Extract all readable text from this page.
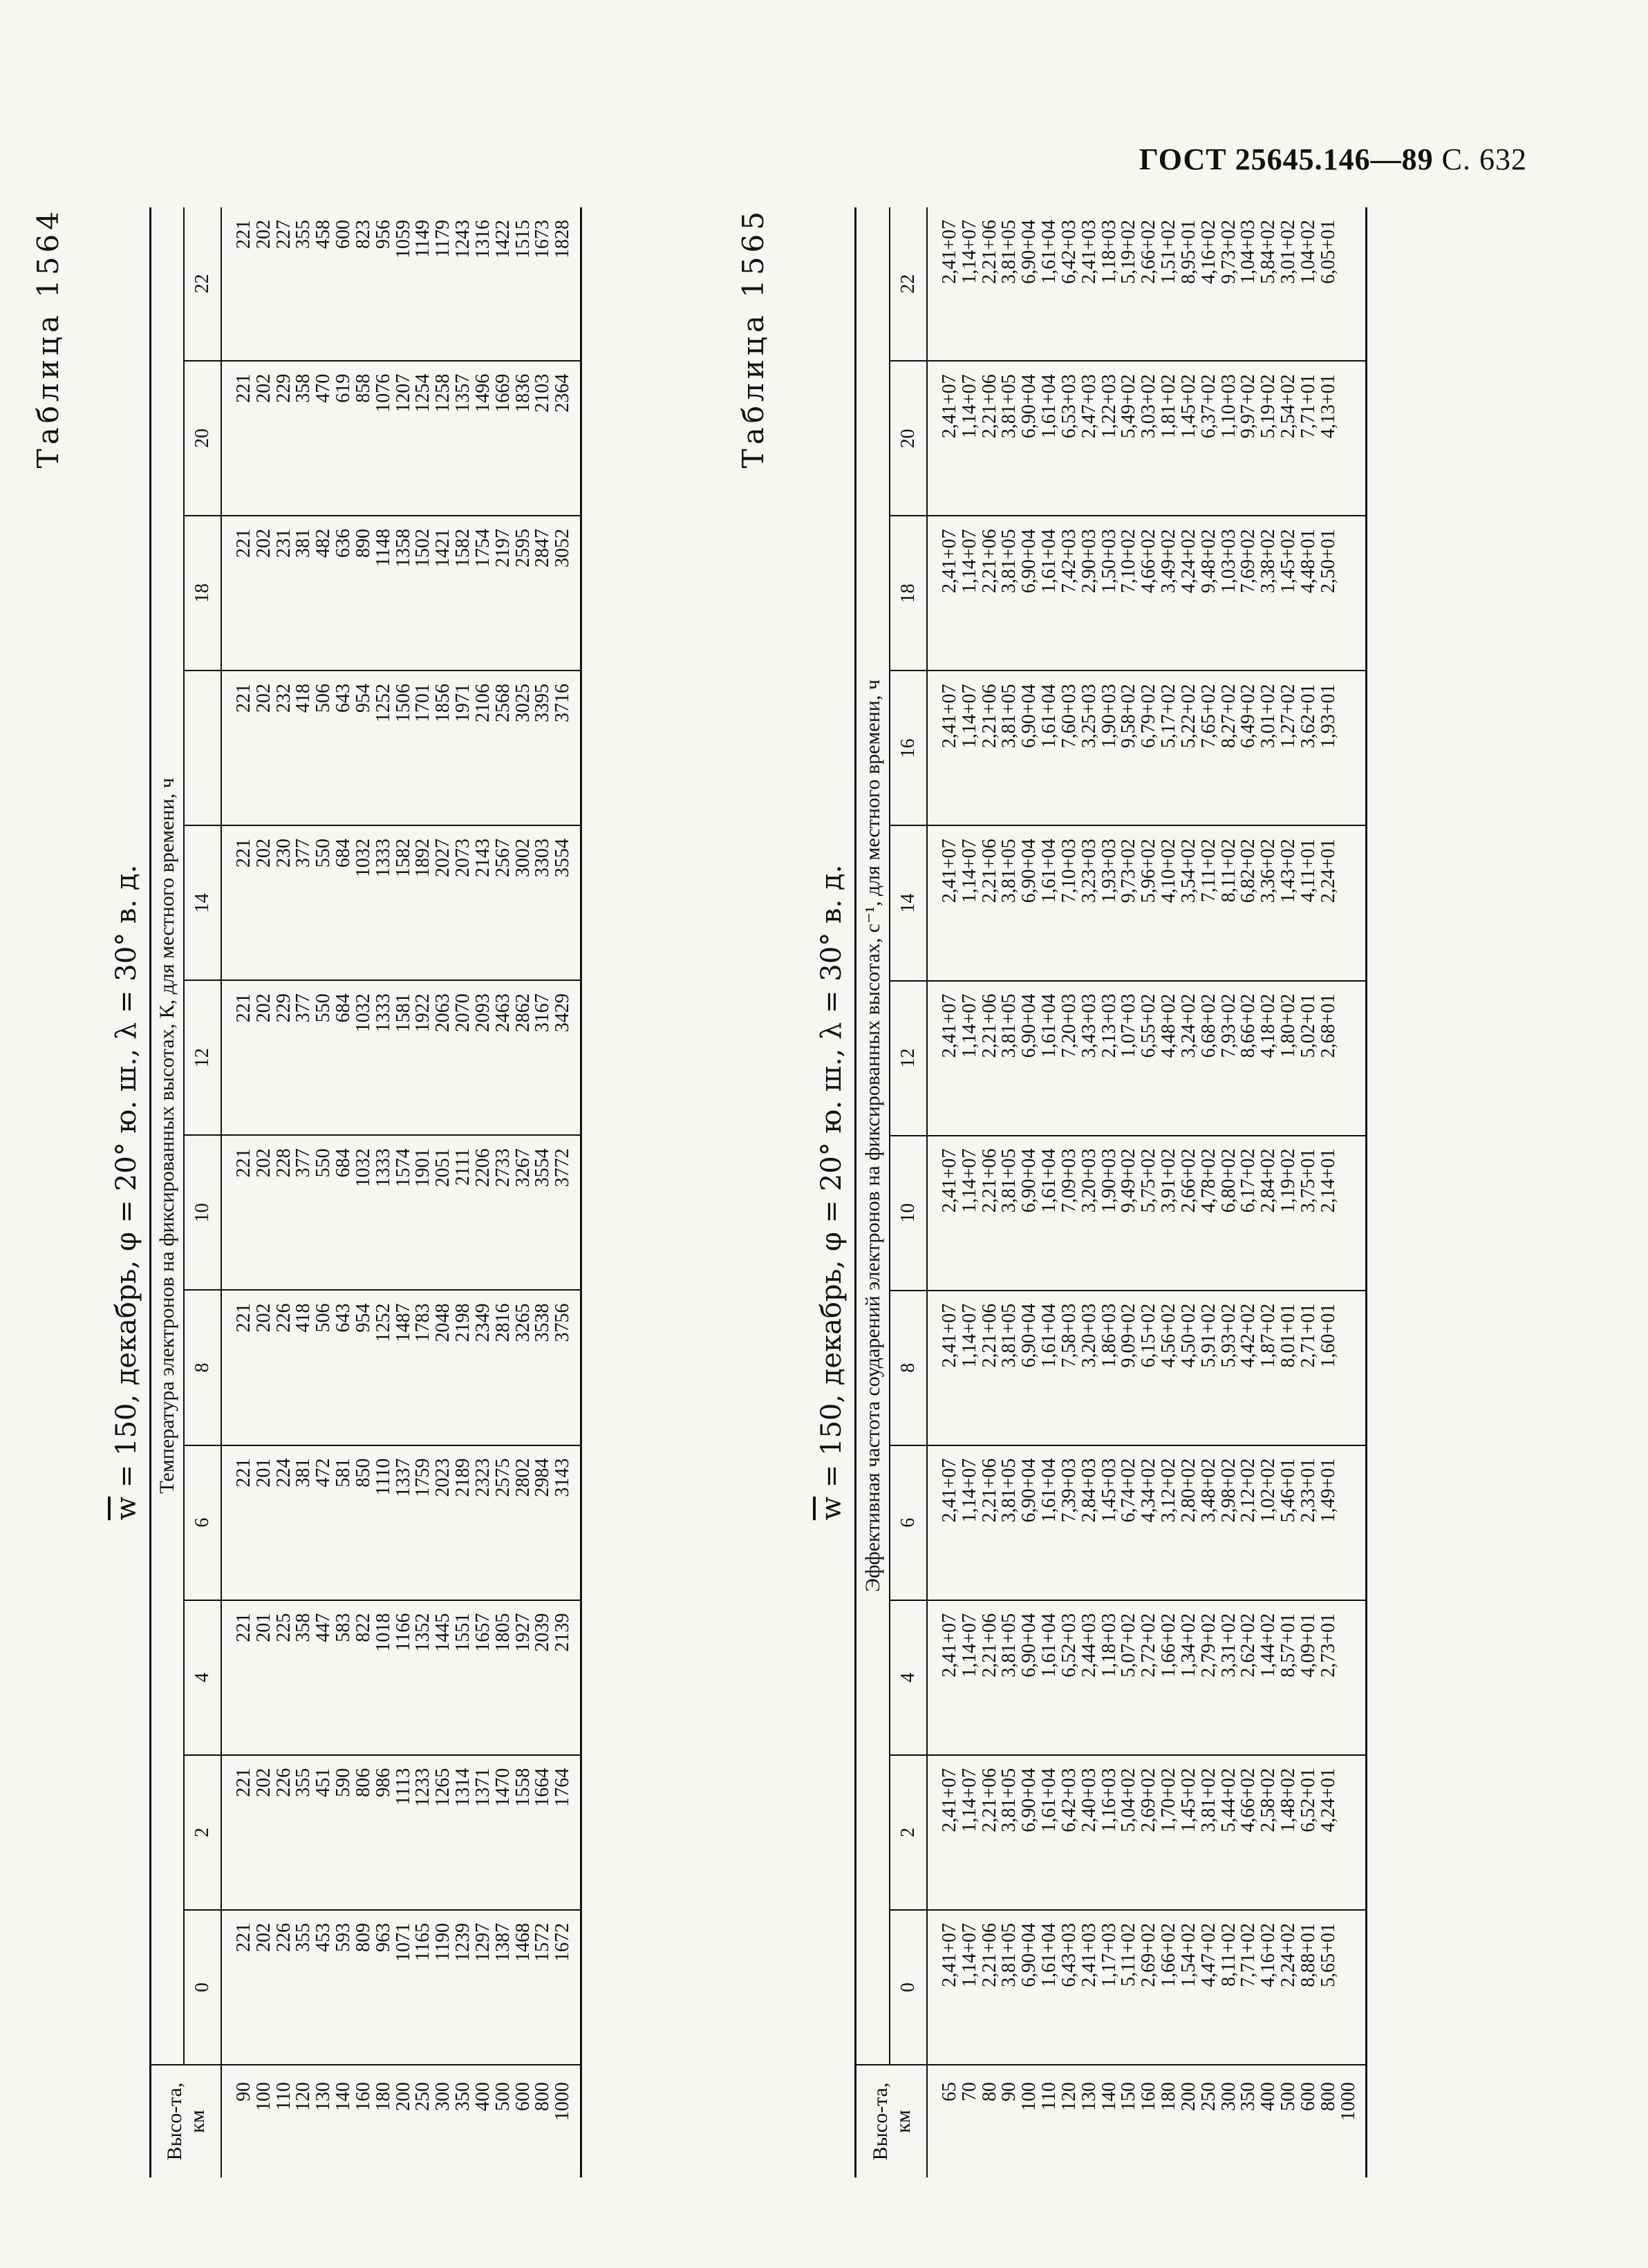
ГОСТ 25645.146—89 С. 632
Таблица 1564
$\overline{w} = 150$, декабрь, φ = 20° ю. ш., λ = 30° в. д.
Высо-та, км	Температура электронов на фиксированных высотах, К, для местного времени, ч											
	0	2	4	6	8	10	12	14		18	20	22
90	221	221	221	221	221	221	221	221	221	221	221	221
100	202	202	201	201	202	202	202	202	202	202	202	202
110	226	226	225	224	226	228	229	230	232	231	229	227
120	355	355	358	381	418	377	377	377	418	381	358	355
130	453	451	447	472	506	550	550	550	506	482	470	458
140	593	590	583	581	643	684	684	684	643	636	619	600
160	809	806	822	850	954	1032	1032	1032	954	890	858	823
180	963	986	1018	1110	1252	1333	1333	1333	1252	1148	1076	956
200	1071	1113	1166	1337	1487	1574	1581	1582	1506	1358	1207	1059
250	1165	1233	1352	1759	1783	1901	1922	1892	1701	1502	1254	1149
300	1190	1265	1445	2023	2048	2051	2063	2027	1856	1421	1258	1179
350	1239	1314	1551	2189	2198	2111	2070	2073	1971	1582	1357	1243
400	1297	1371	1657	2323	2349	2206	2093	2143	2106	1754	1496	1316
500	1387	1470	1805	2575	2816	2733	2463	2567	2568	2197	1669	1422
600	1468	1558	1927	2802	3265	3267	2862	3002	3025	2595	1836	1515
800	1572	1664	2039	2984	3538	3554	3167	3303	3395	2847	2103	1673
1000	1672	1764	2139	3143	3756	3772	3429	3554	3716	3052	2364	1828	Таблица 1565
$\overline{w} = 150$, декабрь, φ = 20° ю. ш., λ = 30° в. д.
Высо-та, км	Эффективная частота соударений электронов на фиксированных высотах, с⁻¹, для местного времени, ч											
	0	2	4	6	8	10	12	14	16	18	20	22
65	2,41+07	2,41+07	2,41+07	2,41+07	2,41+07	2,41+07	2,41+07	2,41+07	2,41+07	2,41+07	2,41+07	2,41+07
70	1,14+07	1,14+07	1,14+07	1,14+07	1,14+07	1,14+07	1,14+07	1,14+07	1,14+07	1,14+07	1,14+07	1,14+07
80	2,21+06	2,21+06	2,21+06	2,21+06	2,21+06	2,21+06	2,21+06	2,21+06	2,21+06	2,21+06	2,21+06	2,21+06
90	3,81+05	3,81+05	3,81+05	3,81+05	3,81+05	3,81+05	3,81+05	3,81+05	3,81+05	3,81+05	3,81+05	3,81+05
100	6,90+04	6,90+04	6,90+04	6,90+04	6,90+04	6,90+04	6,90+04	6,90+04	6,90+04	6,90+04	6,90+04	6,90+04
110	1,61+04	1,61+04	1,61+04	1,61+04	1,61+04	1,61+04	1,61+04	1,61+04	1,61+04	1,61+04	1,61+04	1,61+04
120	6,43+03	6,42+03	6,52+03	7,39+03	7,58+03	7,09+03	7,20+03	7,10+03	7,60+03	7,42+03	6,53+03	6,42+03
130	2,41+03	2,40+03	2,44+03	2,84+03	3,20+03	3,20+03	3,43+03	3,23+03	3,25+03	2,90+03	2,47+03	2,41+03
140	1,17+03	1,16+03	1,18+03	1,45+03	1,86+03	1,90+03	2,13+03	1,93+03	1,90+03	1,50+03	1,22+03	1,18+03
150	5,11+02	5,04+02	5,07+02	6,74+02	9,09+02	9,49+02	1,07+03	9,73+02	9,58+02	7,10+02	5,49+02	5,19+02
160	2,69+02	2,69+02	2,72+02	4,34+02	6,15+02	5,75+02	6,55+02	5,96+02	6,79+02	4,66+02	3,03+02	2,66+02
180	1,66+02	1,70+02	1,66+02	3,12+02	4,56+02	3,91+02	4,48+02	4,10+02	5,17+02	3,49+02	1,81+02	1,51+02
200	1,54+02	1,45+02	1,34+02	2,80+02	4,50+02	2,66+02	3,24+02	3,54+02	5,22+02	4,24+02	1,45+02	8,95+01
250	4,47+02	3,81+02	2,79+02	3,48+02	5,91+02	4,78+02	6,68+02	7,11+02	7,65+02	9,48+02	6,37+02	4,16+02
300	8,11+02	5,44+02	3,31+02	2,98+02	5,93+02	6,80+02	7,93+02	8,11+02	8,27+02	1,03+03	1,10+03	9,73+02
350	7,71+02	4,66+02	2,62+02	2,12+02	4,42+02	6,17+02	8,66+02	6,82+02	6,49+02	7,69+02	9,97+02	1,04+03
400	4,16+02	2,58+02	1,44+02	1,02+02	1,87+02	2,84+02	4,18+02	3,36+02	3,01+02	3,38+02	5,19+02	5,84+02
500	2,24+02	1,48+02	8,57+01	5,46+01	8,01+01	1,19+02	1,80+02	1,43+02	1,27+02	1,45+02	2,54+02	3,01+02
600	8,88+01	6,52+01	4,09+01	2,33+01	2,71+01	3,75+01	5,02+01	4,11+01	3,62+01	4,48+01	7,71+01	1,04+02
800	5,65+01	4,24+01	2,73+01	1,49+01	1,60+01	2,14+01	2,68+01	2,24+01	1,93+01	2,50+01	4,13+01	6,05+01
1000												
